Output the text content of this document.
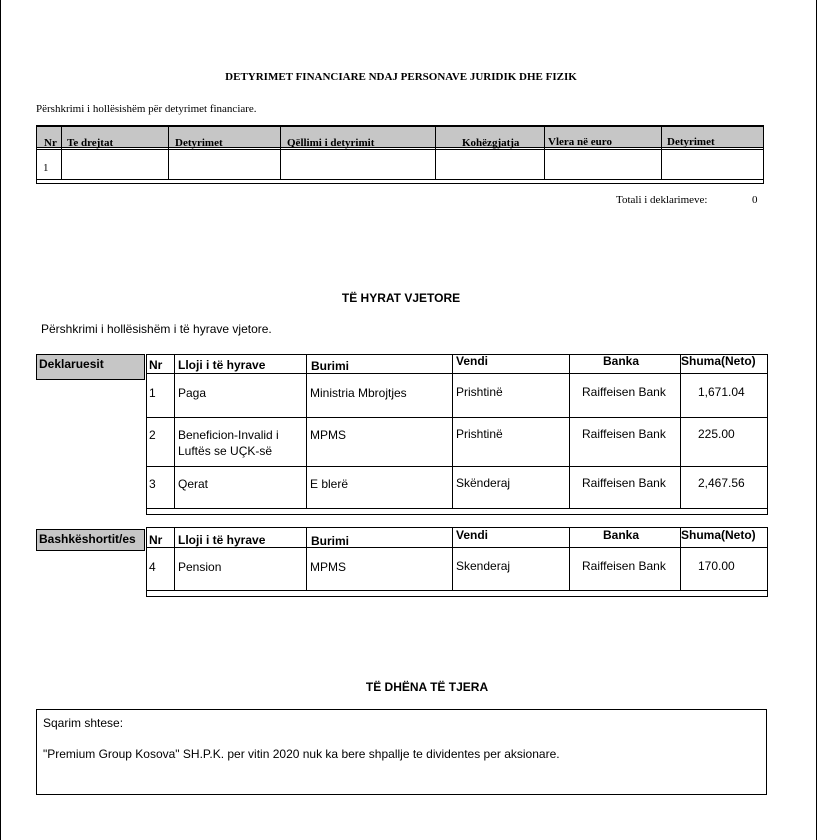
DETYRIMET FINANCIARE NDAJ PERSONAVE JURIDIK DHE FIZIK
Përshkrimi i hollësishëm për detyrimet financiare.
Nr Te drejtat	Detyrimet	Qëllimi i detyrimit	Kohëzgjatja	Vlera në euro	Detyrimet
1
Totali i deklarimeve:	0
TË HYRAT VJETORE
Përshkrimi i hollësishëm i të hyrave vjetore.
Deklaruesit	Nr Lloji i të hyrave	Burimi	Vendi	Banka	Shuma(Neto)
1 Paga	Ministria Mbrojtjes	Prishtinë	Raiffeisen Bank	1,671.04
2 Beneficion-Invalid i
Luftës se UÇK-së
MPMS	Prishtinë	Raiffeisen Bank	225.00
3 Qerat	E blerë	Skënderaj	Raiffeisen Bank	2,467.56
Bashkëshortit/es	Nr Lloji i të hyrave	Burimi	Vendi	Banka	Shuma(Neto)
4 Pension	MPMS	Skenderaj	Raiffeisen Bank	170.00
TË DHËNA TË TJERA
Sqarim shtese:
"Premium Group Kosova" SH.P.K. per vitin 2020 nuk ka bere shpallje te dividentes per aksionare.
